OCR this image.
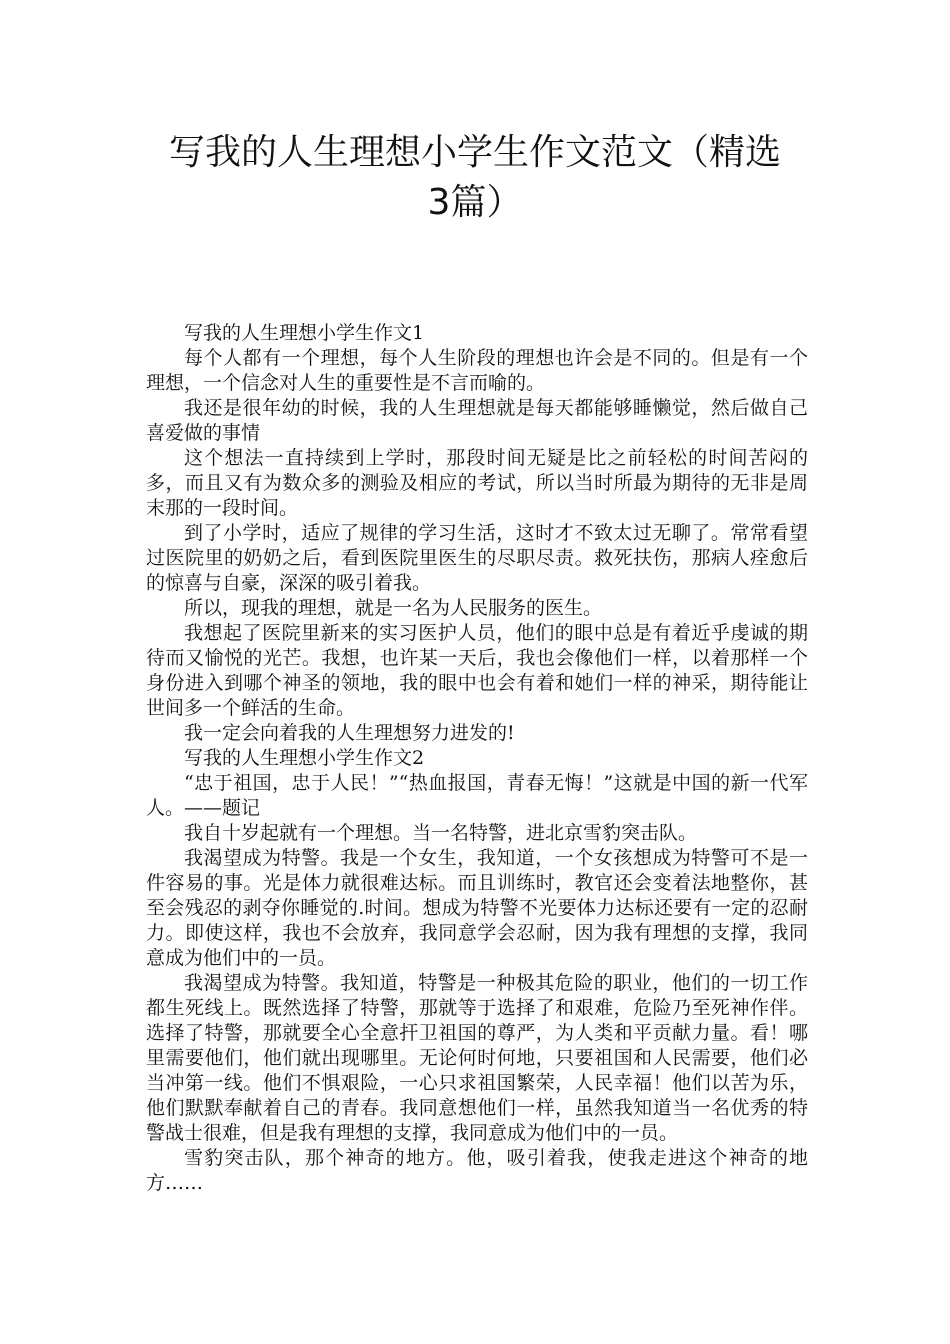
写我的人生理想小学生作文范文（精选
3篇）

写我的人生理想小学生作文1

每个人都有一个理想，每个人生阶段的理想也许会是不同的。但是有一个理想，一个信念对人生的重要性是不言而喻的。

我还是很年幼的时候，我的人生理想就是每天都能够睡懒觉，然后做自己喜爱做的事情

这个想法一直持续到上学时，那段时间无疑是比之前轻松的时间苦闷的多，而且又有为数众多的测验及相应的考试，所以当时所最为期待的无非是周末那的一段时间。

到了小学时，适应了规律的学习生活，这时才不致太过无聊了。常常看望过医院里的奶奶之后，看到医院里医生的尽职尽责。救死扶伤，那病人痊愈后的惊喜与自豪，深深的吸引着我。

所以，现我的理想，就是一名为人民服务的医生。

我想起了医院里新来的实习医护人员，他们的眼中总是有着近乎虔诚的期待而又愉悦的光芒。我想，也许某一天后，我也会像他们一样，以着那样一个身份进入到哪个神圣的领地，我的眼中也会有着和她们一样的神采，期待能让世间多一个鲜活的生命。

我一定会向着我的人生理想努力进发的!

写我的人生理想小学生作文2

“忠于祖国，忠于人民！”“热血报国，青春无悔！”这就是中国的新一代军人。——题记

我自十岁起就有一个理想。当一名特警，进北京雪豹突击队。

我渴望成为特警。我是一个女生，我知道，一个女孩想成为特警可不是一件容易的事。光是体力就很难达标。而且训练时，教官还会变着法地整你，甚至会残忍的剥夺你睡觉的.时间。想成为特警不光要体力达标还要有一定的忍耐力。即使这样，我也不会放弃，我同意学会忍耐，因为我有理想的支撑，我同意成为他们中的一员。

我渴望成为特警。我知道，特警是一种极其危险的职业，他们的一切工作都生死线上。既然选择了特警，那就等于选择了和艰难，危险乃至死神作伴。选择了特警，那就要全心全意扞卫祖国的尊严，为人类和平贡献力量。看！哪里需要他们，他们就出现哪里。无论何时何地，只要祖国和人民需要，他们必当冲第一线。他们不惧艰险，一心只求祖国繁荣，人民幸福！他们以苦为乐，他们默默奉献着自己的青春。我同意想他们一样，虽然我知道当一名优秀的特警战士很难，但是我有理想的支撑，我同意成为他们中的一员。

雪豹突击队，那个神奇的地方。他，吸引着我，使我走进这个神奇的地方……
